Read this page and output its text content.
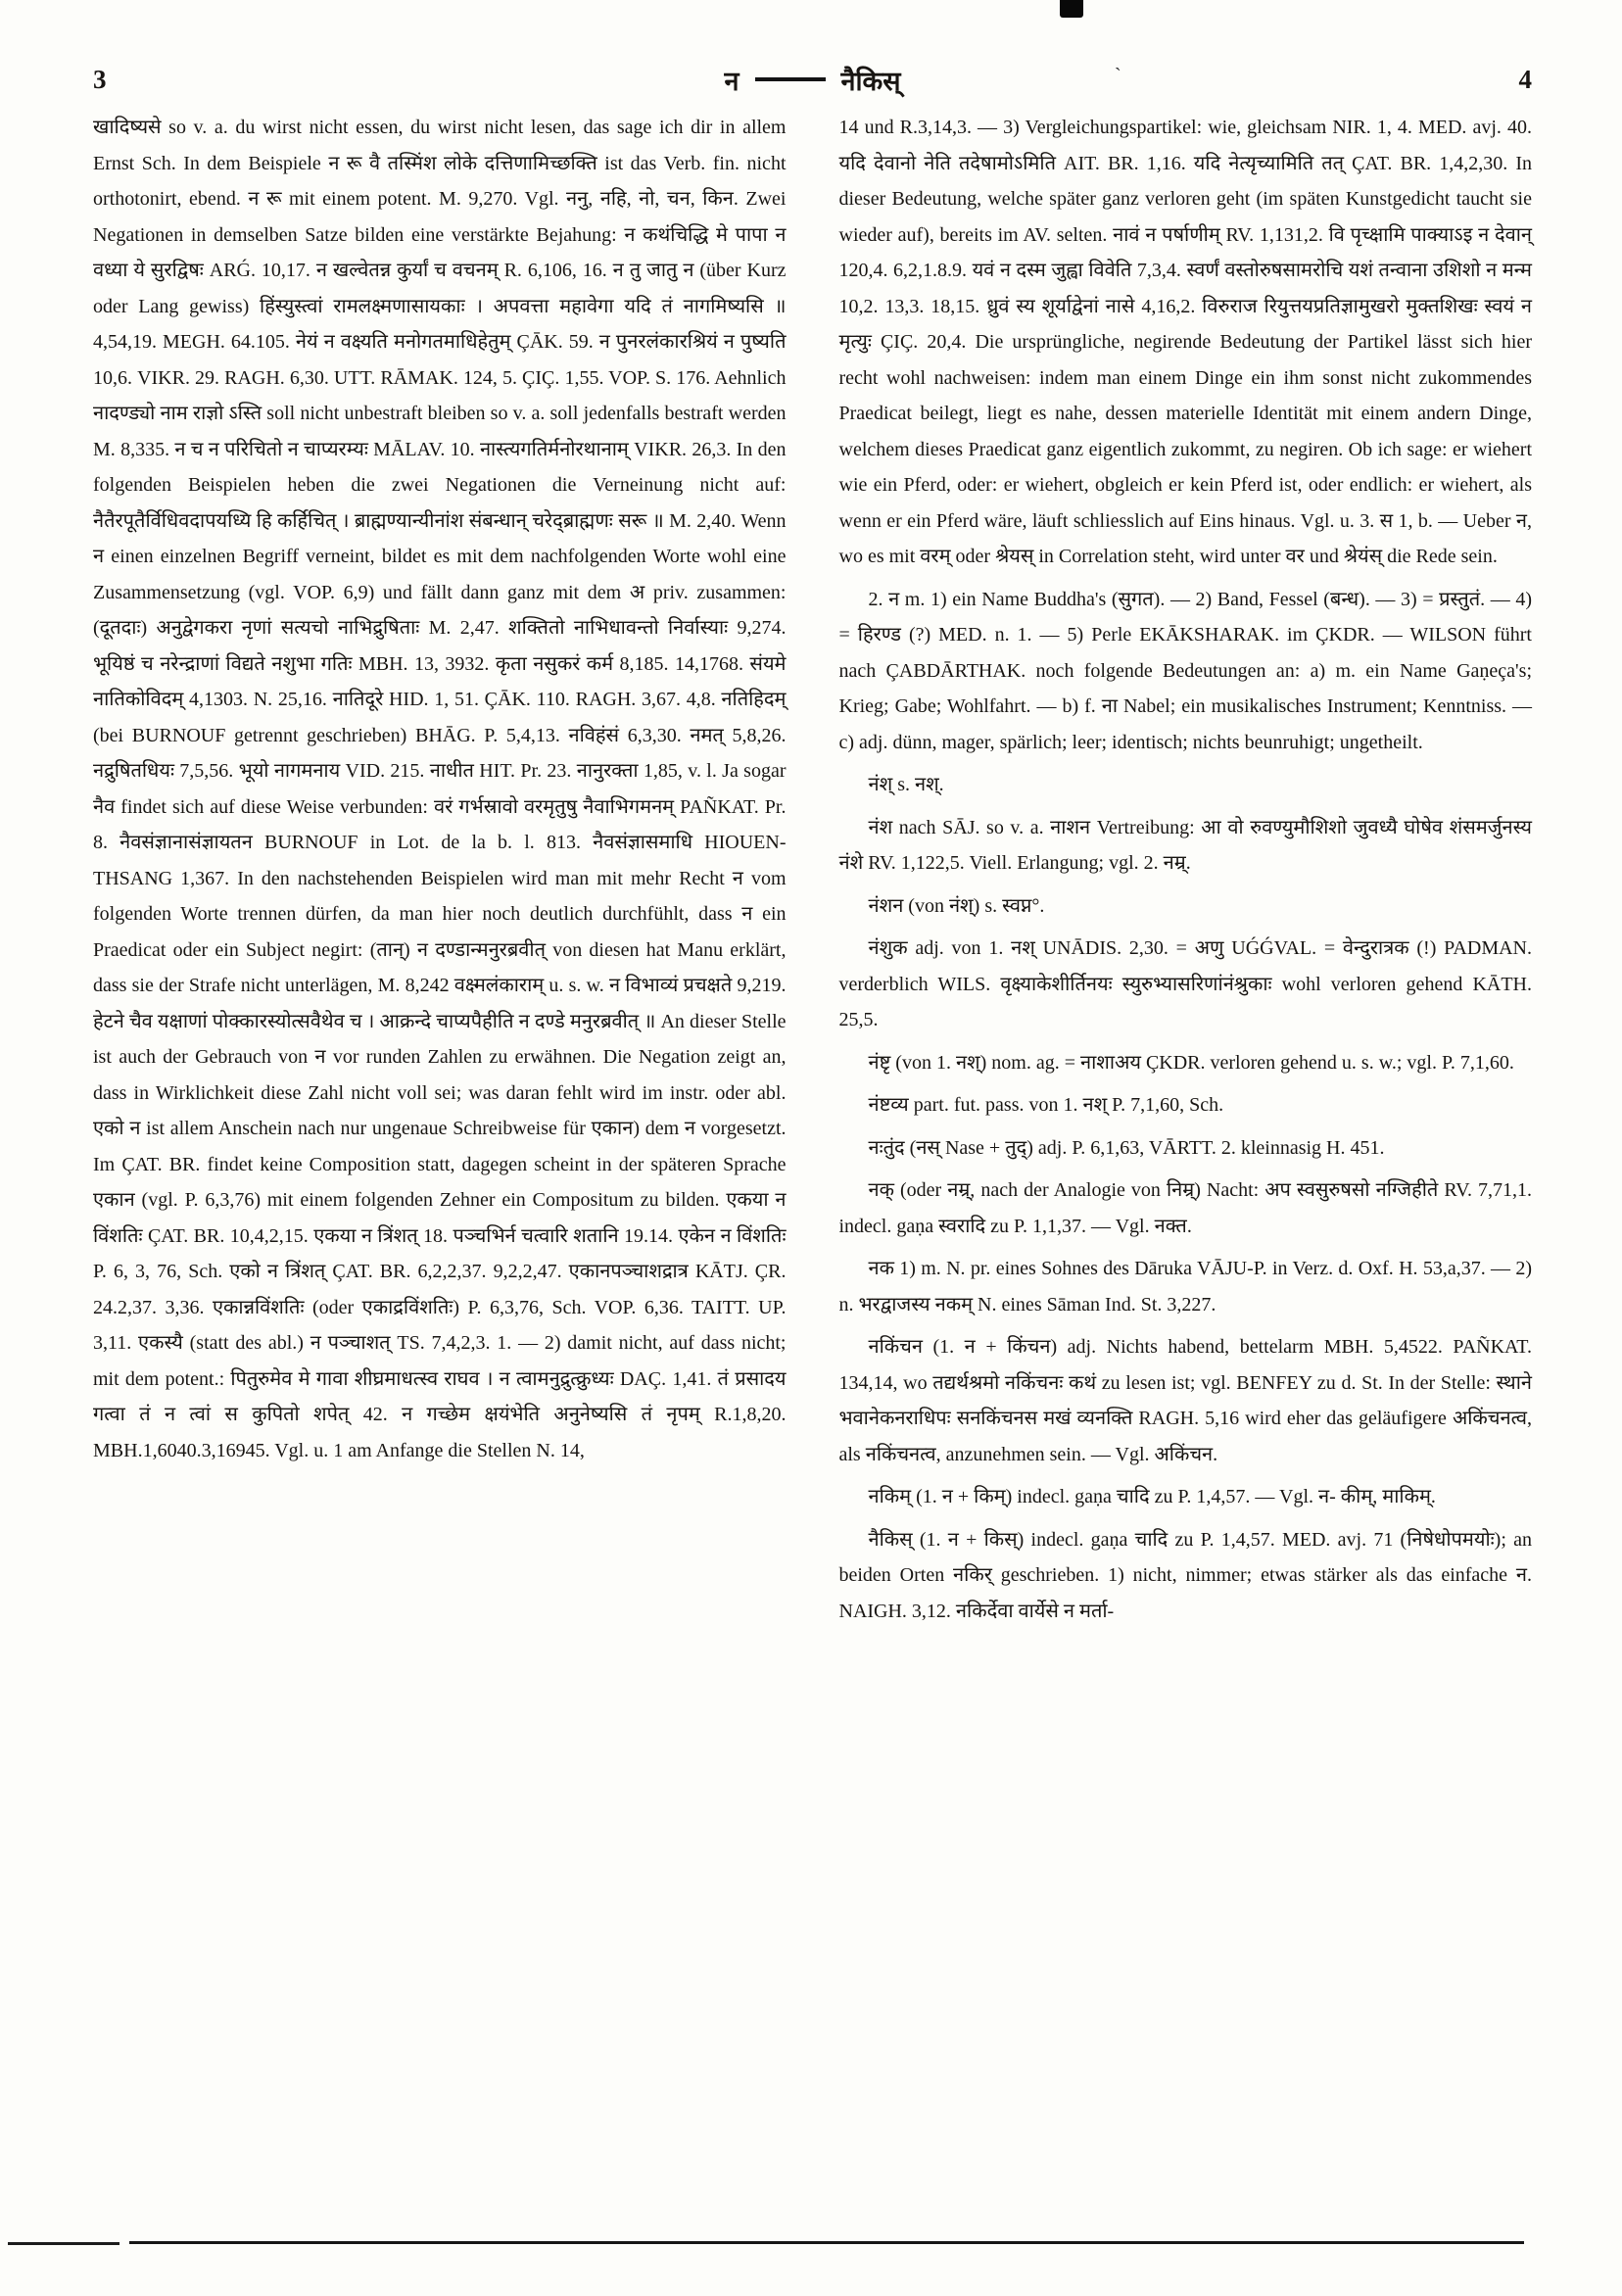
`
3	न	नैकिस्	4

खादिष्यसे so v. a. du wirst nicht essen, du wirst nicht lesen, das sage ich dir in allem Ernst Sch. In dem Beispiele न रू वै तस्मिंश लोके दत्तिणामिच्छक्ति ist das Verb. fin. nicht orthotonirt, ebend. न रू mit einem potent. M. 9,270. Vgl. ननु, नहि, नो, चन, किन. Zwei Negationen in demselben Satze bilden eine verstärkte Bejahung: न कथंचिद्धि मे पापा न वध्या ये सुरद्विषः ARǴ. 10,17. न खल्वेतन्न कुर्यां च वचनम् R. 6,106, 16. न तु जातु न (über Kurz oder Lang gewiss) हिंस्युस्त्वां रामलक्ष्मणासायकाः । अपवत्ता महावेगा यदि तं नागमिष्यसि ॥ 4,54,19. MEGH. 64.105. नेयं न वक्ष्यति मनोगतमाधिहेतुम् ÇĀK. 59. न पुनरलंकारश्रियं न पुष्यति 10,6. VIKR. 29. RAGH. 6,30. UTT. RĀMAK. 124, 5. ÇIÇ. 1,55. VOP. S. 176. Aehnlich नादण्ड्यो नाम राज्ञो ऽस्ति soll nicht unbestraft bleiben so v. a. soll jedenfalls bestraft werden M. 8,335. न च न परिचितो न चाप्यरम्यः MĀLAV. 10. नास्त्यगतिर्मनोरथानाम् VIKR. 26,3. In den folgenden Beispielen heben die zwei Negationen die Verneinung nicht auf: नैतैरपूतैर्विधिवदापयध्यि हि कर्हिचित् । ब्राह्मण्यान्यीनांश संबन्धान् चरेद्ब्राह्मणः सरू ॥ M. 2,40. Wenn न einen einzelnen Begriff verneint, bildet es mit dem nachfolgenden Worte wohl eine Zusammensetzung (vgl. VOP. 6,9) und fällt dann ganz mit dem अ priv. zusammen: (दूतदाः) अनुद्वेगकरा नृणां सत्यचो नाभिद्रुषिताः M. 2,47. शक्तितो नाभिधावन्तो निर्वास्याः 9,274. भूयिष्ठं च नरेन्द्राणां विद्यते नशुभा गतिः MBH. 13, 3932. कृता नसुकरं कर्म 8,185. 14,1768. संयमे नातिकोविदम् 4,1303. N. 25,16. नातिदूरे HID. 1, 51. ÇĀK. 110. RAGH. 3,67. 4,8. नतिहिदम् (bei BURNOUF getrennt geschrieben) BHĀG. P. 5,4,13. नविहंसं 6,3,30. नमत् 5,8,26. नद्रुषितधियः 7,5,56. भूयो नागमनाय VID. 215. नाधीत HIT. Pr. 23. नानुरक्ता 1,85, v. l. Ja sogar नैव findet sich auf diese Weise verbunden: वरं गर्भस्रावो वरमृतुषु नैवाभिगमनम् PAÑKAT. Pr. 8. नैवसंज्ञानासंज्ञायतन BURNOUF in Lot. de la b. l. 813. नैवसंज्ञासमाधि HIOUEN-THSANG 1,367. In den nachstehenden Beispielen wird man mit mehr Recht न vom folgenden Worte trennen dürfen, da man hier noch deutlich durchfühlt, dass न ein Praedicat oder ein Subject negirt: (तान्) न दण्डान्मनुरब्रवीत् von diesen hat Manu erklärt, dass sie der Strafe nicht unterlägen, M. 8,242 वक्ष्मलंकाराम् u. s. w. न विभाव्यं प्रचक्षते 9,219. हेटने चैव यक्षाणां पोक्कारस्योत्सवैथेव च । आक्रन्दे चाप्यपैहीति न दण्डे मनुरब्रवीत् ॥ An dieser Stelle ist auch der Gebrauch von न vor runden Zahlen zu erwähnen. Die Negation zeigt an, dass in Wirklichkeit diese Zahl nicht voll sei; was daran fehlt wird im instr. oder abl. एको न ist allem Anschein nach nur ungenaue Schreibweise für एकान) dem न vorgesetzt. Im ÇAT. BR. findet keine Composition statt, dagegen scheint in der späteren Sprache एकान (vgl. P. 6,3,76) mit einem folgenden Zehner ein Compositum zu bilden. एकया न विंशतिः ÇAT. BR. 10,4,2,15. एकया न त्रिंशत् 18. पञ्चभिर्न चत्वारि शतानि 19.14. एकेन न विंशतिः P. 6, 3, 76, Sch. एको न त्रिंशत् ÇAT. BR. 6,2,2,37. 9,2,2,47. एकानपञ्चाशद्रात्र KĀTJ. ÇR. 24.2,37. 3,36. एकान्नविंशतिः (oder एकाद्रविंशतिः) P. 6,3,76, Sch. VOP. 6,36. TAITT. UP. 3,11. एकस्यै (statt des abl.) न पञ्चाशत् TS. 7,4,2,3. 1. — 2) damit nicht, auf dass nicht; mit dem potent.: पितुरुमेव मे गावा शीघ्रमाधत्स्व राघव । न त्वामनुद्रुत्क्रुध्यः DAÇ. 1,41. तं प्रसादय गत्वा तं न त्वां स कुपितो शपेत् 42. न गच्छेम क्षयंभेति अनुनेष्यसि तं नृपम् R.1,8,20. MBH.1,6040.3,16945. Vgl. u. 1 am Anfange die Stellen N. 14,

14 und R.3,14,3. — 3) Vergleichungspartikel: wie, gleichsam NIR. 1, 4. MED. avj. 40. यदि देवानो नेति तदेषामोऽमिति AIT. BR. 1,16. यदि नेत्यृच्यामिति तत् ÇAT. BR. 1,4,2,30. In dieser Bedeutung, welche später ganz verloren geht (im späten Kunstgedicht taucht sie wieder auf), bereits im AV. selten. नावं न पर्षाणीम् RV. 1,131,2. वि पृच्क्षामि पाक्याऽइ न देवान् 120,4. 6,2,1.8.9. यवं न दस्म जुह्वा विवेति 7,3,4. स्वर्णं वस्तोरुषसामरोचि यशं तन्वाना उशिशो न मन्म 10,2. 13,3. 18,15. ध्रुवं स्य शूर्याद्वेनां नासे 4,16,2. विरुराज रियुत्तयप्रतिज्ञामुखरो मुक्तशिखः स्वयं न मृत्युः ÇIÇ. 20,4. Die ursprüngliche, negirende Bedeutung der Partikel lässt sich hier recht wohl nachweisen: indem man einem Dinge ein ihm sonst nicht zukommendes Praedicat beilegt, liegt es nahe, dessen materielle Identität mit einem andern Dinge, welchem dieses Praedicat ganz eigentlich zukommt, zu negiren. Ob ich sage: er wiehert wie ein Pferd, oder: er wiehert, obgleich er kein Pferd ist, oder endlich: er wiehert, als wenn er ein Pferd wäre, läuft schliesslich auf Eins hinaus. Vgl. u. 3. स 1, b. — Ueber न, wo es mit वरम् oder श्रेयस् in Correlation steht, wird unter वर und श्रेयंस् die Rede sein.

2. न m. 1) ein Name Buddha's (सुगत). — 2) Band, Fessel (बन्ध). — 3) = प्रस्तुतं. — 4) = हिरण्ड (?) MED. n. 1. — 5) Perle EKĀKSHARAK. im ÇKDR. — WILSON führt nach ÇABDĀRTHAK. noch folgende Bedeutungen an: a) m. ein Name Gaṇeça's; Krieg; Gabe; Wohlfahrt. — b) f. ना Nabel; ein musikalisches Instrument; Kenntniss. — c) adj. dünn, mager, spärlich; leer; identisch; nichts beunruhigt; ungetheilt.

नंश् s. नश्.

नंश nach SĀJ. so v. a. नाशन Vertreibung: आ वो रुवण्युमौशिशो जुवध्यै घोषेव शंसमर्जुनस्य नंशे RV. 1,122,5. Viell. Erlangung; vgl. 2. नम्र्.

नंशन (von नंश्) s. स्वप्न°.

नंशुक adj. von 1. नश् UNĀDIS. 2,30. = अणु UǴǴVAL. = वेन्दुरात्रक (!) PADMAN. verderblich WILS. वृक्ष्याकेशीर्तिनयः स्युरुभ्यासरिणांनंश्रुकाः wohl verloren gehend KĀTH. 25,5.

नंष्टृ (von 1. नश्) nom. ag. = नाशाअय ÇKDR. verloren gehend u. s. w.; vgl. P. 7,1,60.

नंष्टव्य part. fut. pass. von 1. नश् P. 7,1,60, Sch.

नःतुंद (नस् Nase + तुद्) adj. P. 6,1,63, VĀRTT. 2. kleinnasig H. 451.

नक् (oder नम्र्, nach der Analogie von निम्र्) Nacht: अप स्वसुरुषसो नग्जिहीते RV. 7,71,1. indecl. gaṇa स्वरादि zu P. 1,1,37. — Vgl. नक्त.

नक 1) m. N. pr. eines Sohnes des Dāruka VĀJU-P. in Verz. d. Oxf. H. 53,a,37. — 2) n. भरद्वाजस्य नकम् N. eines Sāman Ind. St. 3,227.

नकिंचन (1. न + किंचन) adj. Nichts habend, bettelarm MBH. 5,4522. PAÑKAT. 134,14, wo तद्यर्थश्रमो नकिंचनः कथं zu lesen ist; vgl. BENFEY zu d. St. In der Stelle: स्थाने भवानेकनराधिपः सनकिंचनस मखं व्यनक्ति RAGH. 5,16 wird eher das geläufigere अकिंचनत्व, als नकिंचनत्व, anzunehmen sein. — Vgl. अकिंचन.

नकिम् (1. न + किम्) indecl. gaṇa चादि zu P. 1,4,57. — Vgl. न- कीम्, माकिम्.

नैकिस् (1. न + किस्) indecl. gaṇa चादि zu P. 1,4,57. MED. avj. 71 (निषेधोपमयोः); an beiden Orten नकिर् geschrieben. 1) nicht, nimmer; etwas stärker als das einfache न. NAIGH. 3,12. नकिर्देवा वार्येसे न मर्ता-
